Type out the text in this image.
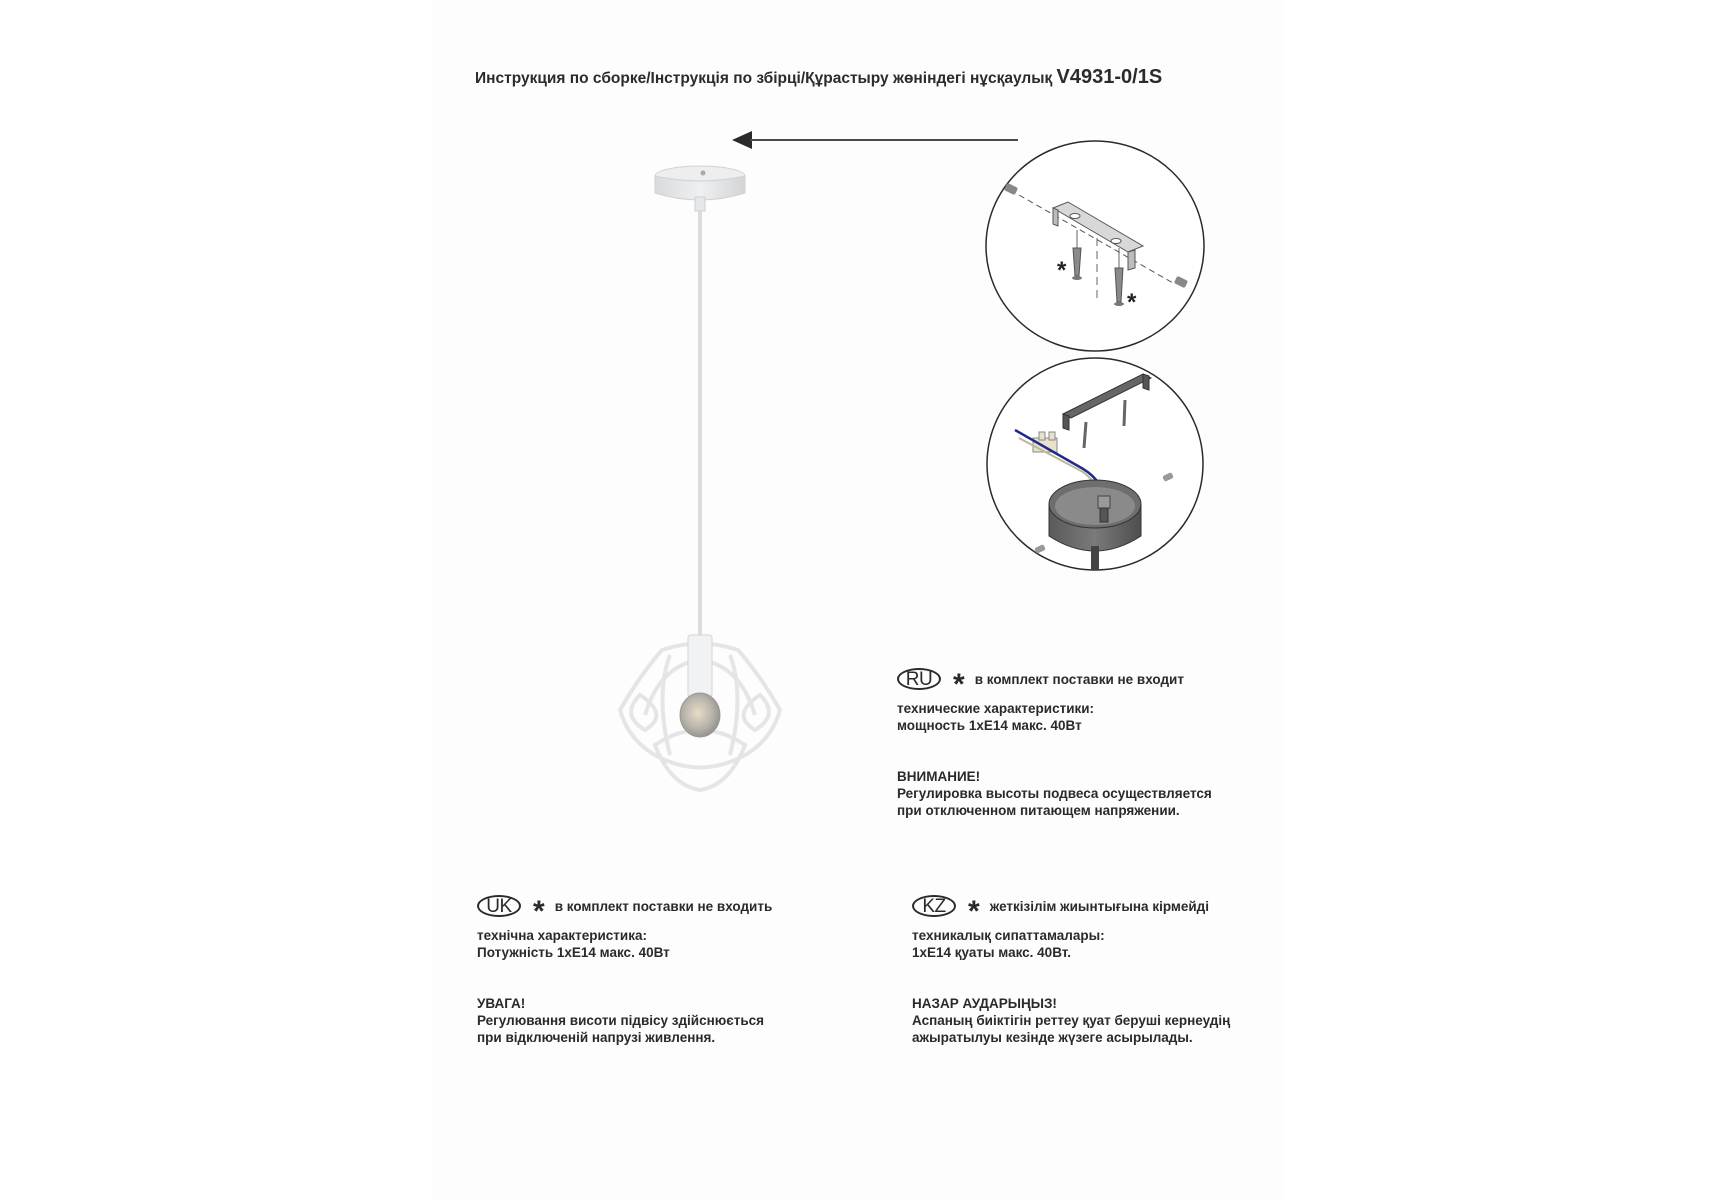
Инструкция по сборке/Інструкція по збірці/Құрастыру жөніндегі нұсқаулық V4931-0/1S
*
*
RU * в комплект поставки не входит
технические характеристики:
мощность 1хЕ14 макс. 40Вт
ВНИМАНИЕ!
Регулировка высоты подвеса осуществляется
при отключенном питающем напряжении.
UK * в комплект поставки не входить
технічна характеристика:
Потужність 1хЕ14 макс. 40Вт
УВАГА!
Регулювання висоти підвісу здійснюється
при відключеній напрузі живлення.
KZ * жеткізілім жиынтығына кірмейді
техникалық сипаттамалары:
1хЕ14 қуаты макс. 40Вт.
НАЗАР АУДАРЫҢЫЗ!
Аспаның биіктігін реттеу қуат беруші кернеудің
ажыратылуы кезінде жүзеге асырылады.
